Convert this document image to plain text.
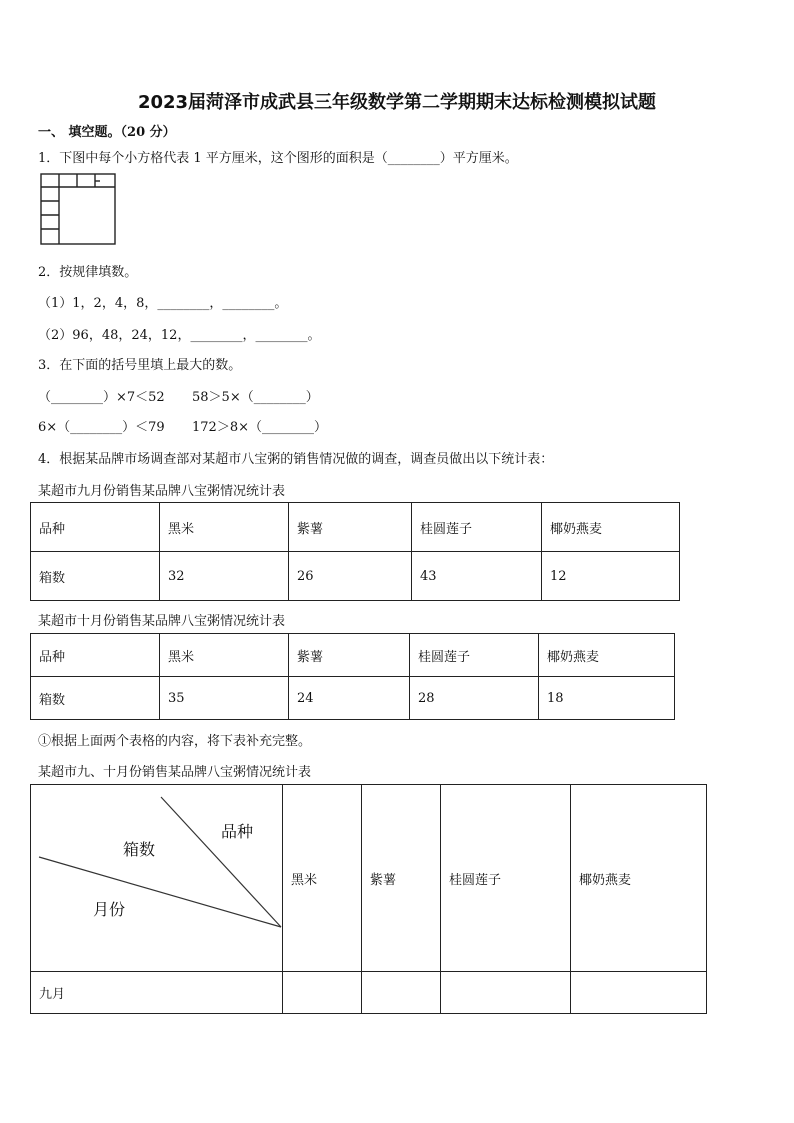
2023届菏泽市成武县三年级数学第二学期期末达标检测模拟试题
一、 填空题。（20 分）
1．下图中每个小方格代表 1 平方厘米，这个图形的面积是（________）平方厘米。
2．按规律填数。
（1）1，2，4，8，________，________。
（2）96，48，24，12，________，________。
3．在下面的括号里填上最大的数。
（________）×7＜52 58＞5×（________）
6×（________）＜79 172＞8×（________）
4．根据某品牌市场调查部对某超市八宝粥的销售情况做的调查，调查员做出以下统计表：
某超市九月份销售某品牌八宝粥情况统计表
品种	黑米	紫薯	桂圆莲子	椰奶燕麦
箱数	32	26	43	12
某超市十月份销售某品牌八宝粥情况统计表
品种	黑米	紫薯	桂圆莲子	椰奶燕麦
箱数	35	24	28	18
①根据上面两个表格的内容，将下表补充完整。
某超市九、十月份销售某品牌八宝粥情况统计表
品种
箱数
月份	黑米	紫薯	桂圆莲子	椰奶燕麦
九月				
